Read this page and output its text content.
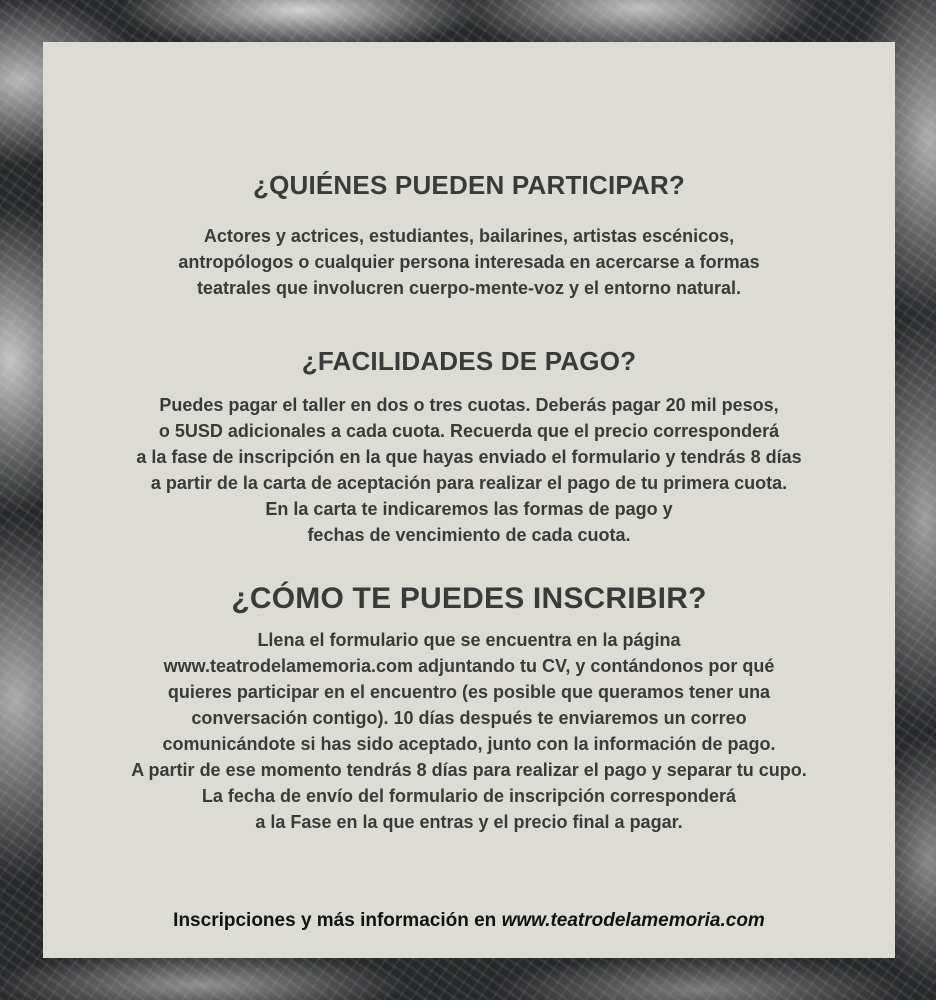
¿QUIÉNES PUEDEN PARTICIPAR?
Actores y actrices, estudiantes, bailarines, artistas escénicos,
antropólogos o cualquier persona interesada en acercarse a formas
teatrales que involucren cuerpo-mente-voz y el entorno natural.
¿FACILIDADES DE PAGO?
Puedes pagar el taller en dos o tres cuotas. Deberás pagar 20 mil pesos,
o 5USD adicionales a cada cuota. Recuerda que el precio corresponderá
a la fase de inscripción en la que hayas enviado el formulario y tendrás 8 días
a partir de la carta de aceptación para realizar el pago de tu primera cuota.
En la carta te indicaremos las formas de pago y
fechas de vencimiento de cada cuota.
¿CÓMO TE PUEDES INSCRIBIR?
Llena el formulario que se encuentra en la página
www.teatrodelamemoria.com adjuntando tu CV, y contándonos por qué
quieres participar en el encuentro (es posible que queramos tener una
conversación contigo). 10 días después te enviaremos un correo
comunicándote si has sido aceptado, junto con la información de pago.
A partir de ese momento tendrás 8 días para realizar el pago y separar tu cupo.
La fecha de envío del formulario de inscripción corresponderá
a la Fase en la que entras y el precio final a pagar.

Inscripciones y más información en www.teatrodelamemoria.com
